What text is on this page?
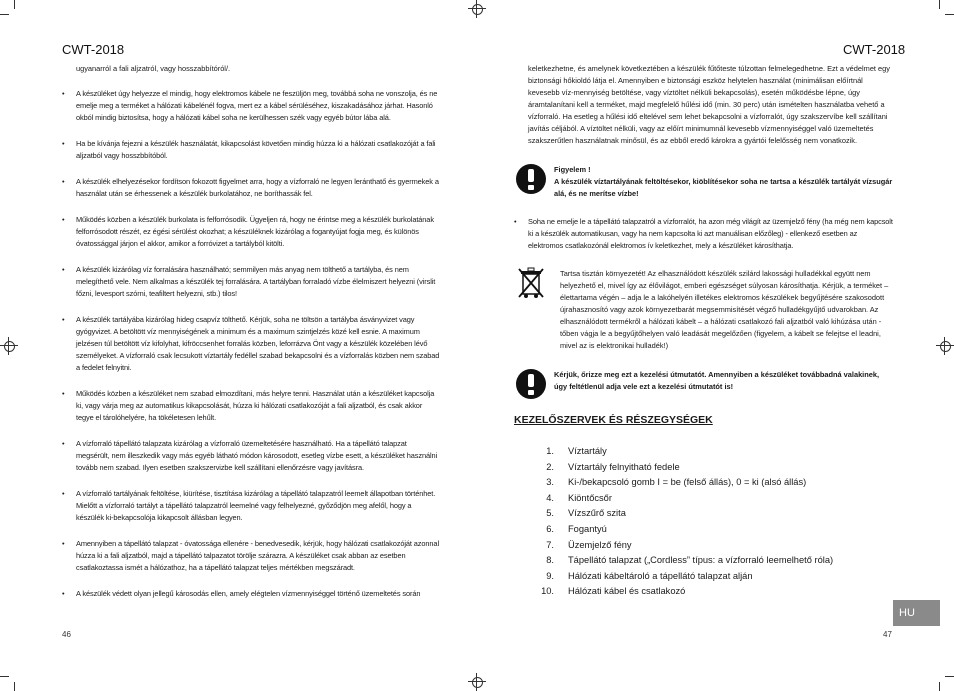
CWT-2018
ugyanarról a fali aljzatról, vagy hosszabbítóról/.
• A készüléket úgy helyezze el mindig, hogy elektromos kábele ne feszüljön meg, továbbá soha ne vonszolja, és ne emelje meg a terméket a hálózati kábelénél fogva, mert ez a kábel sérüléséhez, kiszakadásához járhat. Hasonló okból mindig biztosítsa, hogy a hálózati kábel soha ne kerülhessen szék vagy egyéb bútor lába alá.
• Ha be kívánja fejezni a készülék használatát, kikapcsolást követően mindig húzza ki a hálózati csatlakozóját a fali aljzatból vagy hosszbbítóból.
• A készülék elhelyezésekor fordítson fokozott figyelmet arra, hogy a vízforraló ne legyen leránthatő és gyermekek a használat után se érhessenek a készülék burkolatához, ne boríthassák fel.
• Működés közben a készülék burkolata is felforrósodik. Ügyeljen rá, hogy ne érintse meg a készülék burkolatának felforrósodott részét, ez égési sérülést okozhat; a készüléknek kizárólag a fogantyújat fogja meg, és különös óvatossággal járjon el akkor, amikor a forróvizet a tartályból kitölti.
• A készülék kizárólag víz forralására használható; semmilyen más anyag nem tölthető a tartályba, és nem melegíthető vele. Nem alkalmas a készülék tej forralására. A tartályban forraladó vízbe élelmiszert helyezni (virslit főzni, levesport szórni, teafiltert helyezni, stb.) tilos!
• A készülék tartályába kizárólag hideg csapvíz tölthető. Kérjük, soha ne töltsön a tartályba ásványvizet vagy gyógyvizet. A betöltött víz mennyiségének a minimum és a maximum szintjelzés közé kell esnie. A maximum jelzésen túl betöltött víz kifolyhat, kifröccsenhet forralás közben, leforrázva Önt vagy a készülék közelében lévő személyeket. A vízforraló csak lecsukott víztartály fedéllel szabad bekapcsolni és a vízforralás közben nem szabad a fedelet felnyitni.
• Működés közben a készüléket nem szabad elmozdítani, más helyre tenni. Használat után a készüléket kapcsolja ki, vagy várja meg az automatikus kikapcsolását, húzza ki hálózati csatlakozóját a fali aljzatból, és csak akkor tegye el tárolóhelyére, ha tökéletesen lehűlt.
• A vízforraló tápellátó talapzata kizárólag a vízforraló üzemeltetésére használható. Ha a tápellátó talapzat megsérült, nem illeszkedik vagy más egyéb látható módon károsodott, esetleg vízbe esett, a készüléket használni tovább nem szabad. Ilyen esetben szakszervizbe kell szállítani ellenőrzésre vagy javításra.
• A vízforraló tartályának feltöltése, kiürítése, tisztítása kizárólag a tápellátó talapzatról leemelt állapotban történhet. Mielőtt a vízforraló tartályt a tápellátó talapzatról leemelné vagy felhelyezné, győződjön meg afelől, hogy a készülék ki-bekapcsolója kikapcsolt állásban legyen.
• Amennyiben a tápellátó talapzat - óvatossága ellenére - benedvesedik, kérjük, hogy hálózati csatlakozóját azonnal húzza ki a fali aljzatból, majd a tápellátó talpazatot törölje szárazra. A készüléket csak abban az esetben csatlakoztassa ismét a hálózathoz, ha a tápellátó talapzat teljes mértékben megszáradt.
• A készülék védett olyan jellegű károsodás ellen, amely elégtelen vízmennyiséggel történő üzemeltetés során
46
CWT-2018
keletkezhetne, és amelynek következtében a készülék fűtőteste túlzottan felmelegedhetne. Ezt a védelmet egy biztonsági hőkioldó látja el. Amennyiben e biztonsági eszköz helytelen használat (minimálisan előírtnál kevesebb víz-mennyiség betöltése, vagy víztöltet nélküli bekapcsolás), esetén működésbe lépne, úgy áramtalanítani kell a terméket, majd megfelelő hűlési idő (min. 30 perc) után ismételten használatba vehető a vízforraló. Ha esetleg a hűlési idő eltelével sem lehet bekapcsolni a vízforralót, úgy szakszervíbe kell szállítani javítás céljából. A víztöltet nélküli, vagy az előírt minimumnál kevesebb vízmennyiséggel való üzemeltetés szakszerűtlen használatnak minősül, és az ebből eredő károkra a gyártói felelősség nem vonatkozik.
Figyelem !
A készülék víztartályának feltöltésekor, kiöblítésekor soha ne tartsa a készülék tartályát vízsugár alá, és ne merítse vízbe!
• Soha ne emelje le a tápellátó talapzatról a vízforralót, ha azon még világít az üzemjelző fény (ha még nem kapcsolt ki a készülék automatikusan, vagy ha nem kapcsolta ki azt manuálisan előzőleg) - ellenkező esetben az elektromos csatlakozónál elektromos ív keletkezhet, mely a készüléket károsíthatja.
Tartsa tisztán környezetét! Az elhasználódott készülék szilárd lakossági hulladékkal együtt nem helyezhető el, mivel így az élővilágot, emberi egészséget súlyosan károsíthatja. Kérjük, a terméket – élettartama végén – adja le a lakóhelyén illetékes elektromos készülékek begyűjtésére szakosodott újrahasznosító vagy azok környezetbarát megsemmisítését végző hulladékgyűjtő udvarokban. Az elhasználódott termékről a hálózati kábelt – a hálózati csatlakozó fali aljzatból való kihúzása után - tőben vágja le a begyűjtőhelyen való leadását megelőzően (figyelem, a kábelt se felejtse el leadni, mivel az is elektronikai hulladék!)
Kérjük, őrizze meg ezt a kezelési útmutatót. Amennyiben a készüléket továbbadná valakinek, úgy feltétlenül adja vele ezt a kezelési útmutatót is!
KEZELŐSZERVEK ÉS RÉSZEGYSÉGEK
1. Víztartály
2. Víztartály felnyitható fedele
3. Ki-/bekapcsoló gomb I = be (felső állás), 0 = ki (alsó állás)
4. Kiöntőcsőr
5. Vízszűrő szita
6. Fogantyú
7. Üzemjelző fény
8. Tápellátó talapzat („Cordless” típus: a vízforraló leemelhető róla)
9. Hálózati kábeltároló a tápellátó talapzat alján
10. Hálózati kábel és csatlakozó
HU
47
